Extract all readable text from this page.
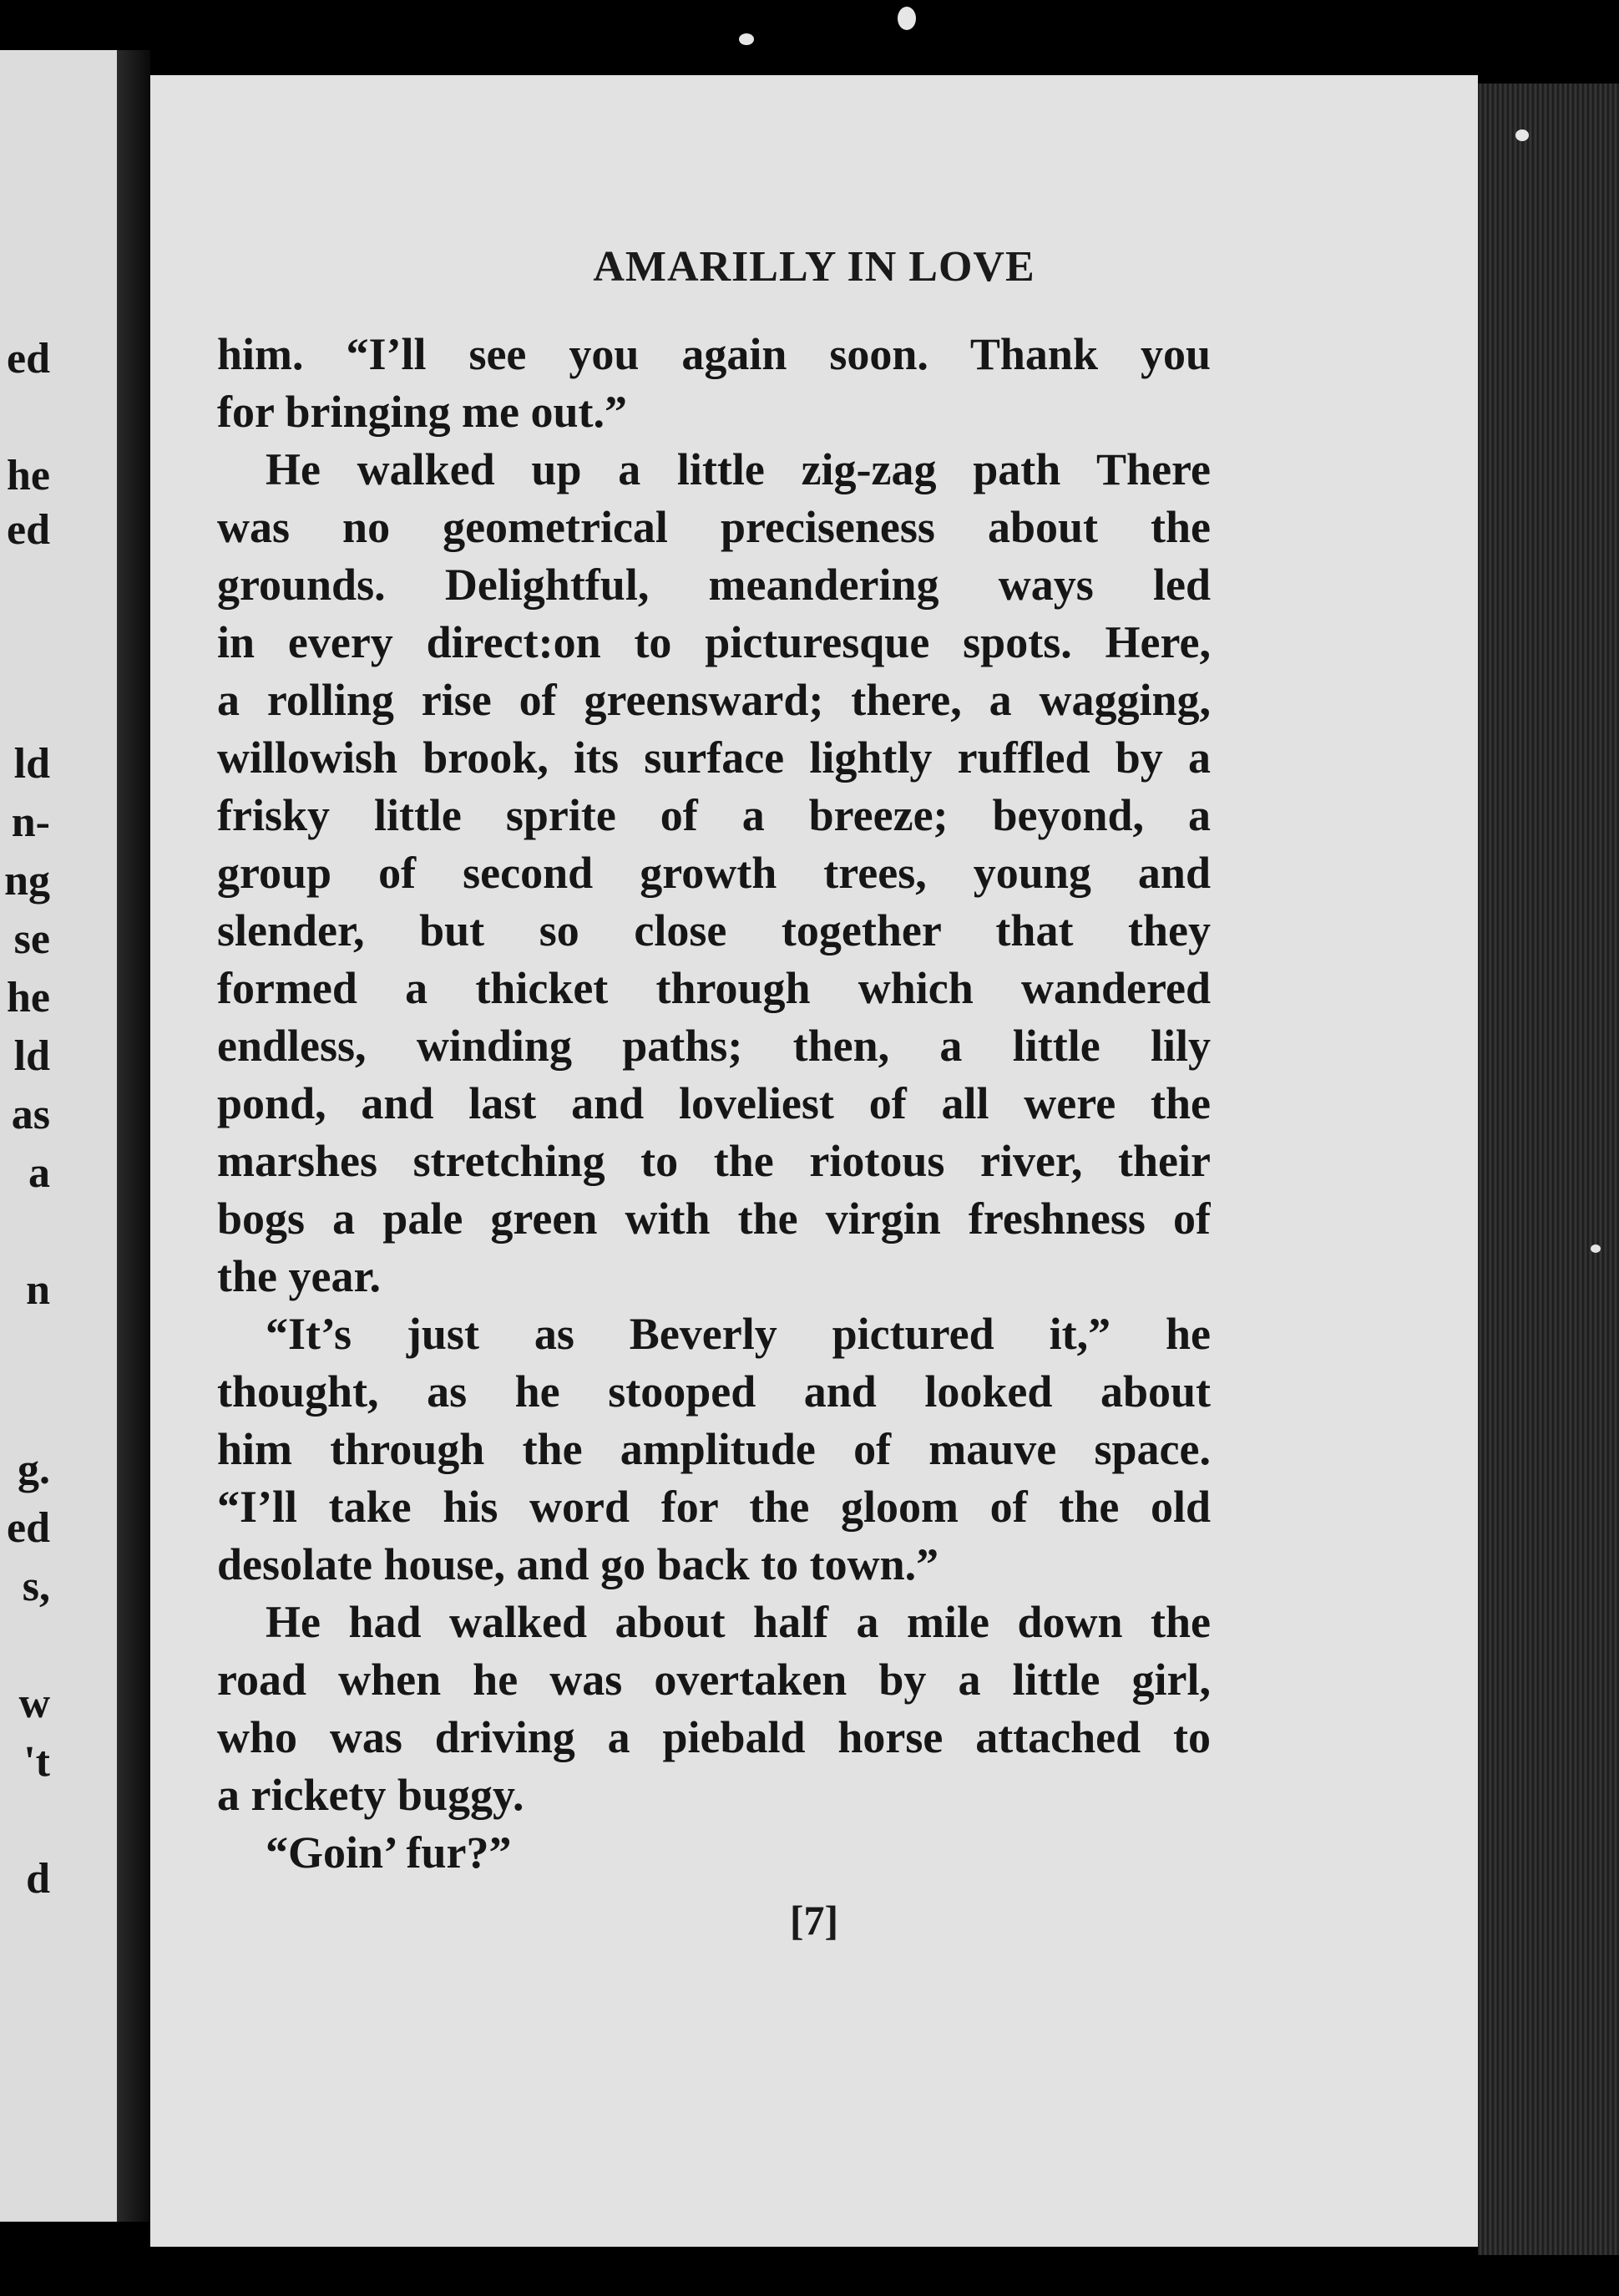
ed
he
ed
ld
n-
ng
se
he
ld
as
a
n
g.
ed
s,
w
't
d
AMARILLY IN LOVE
him. “I’ll see you again soon. Thank you
for bringing me out.”
He walked up a little zig-zag path There
was no geometrical preciseness about the
grounds. Delightful, meandering ways led
in every direct:on to picturesque spots. Here,
a rolling rise of greensward; there, a wagging,
willowish brook, its surface lightly ruffled by a
frisky little sprite of a breeze; beyond, a
group of second growth trees, young and
slender, but so close together that they
formed a thicket through which wandered
endless, winding paths; then, a little lily
pond, and last and loveliest of all were the
marshes stretching to the riotous river, their
bogs a pale green with the virgin freshness of
the year.
“It’s just as Beverly pictured it,” he
thought, as he stooped and looked about
him through the amplitude of mauve space.
“I’ll take his word for the gloom of the old
desolate house, and go back to town.”
He had walked about half a mile down the
road when he was overtaken by a little girl,
who was driving a piebald horse attached to
a rickety buggy.
“Goin’ fur?”
[7]
